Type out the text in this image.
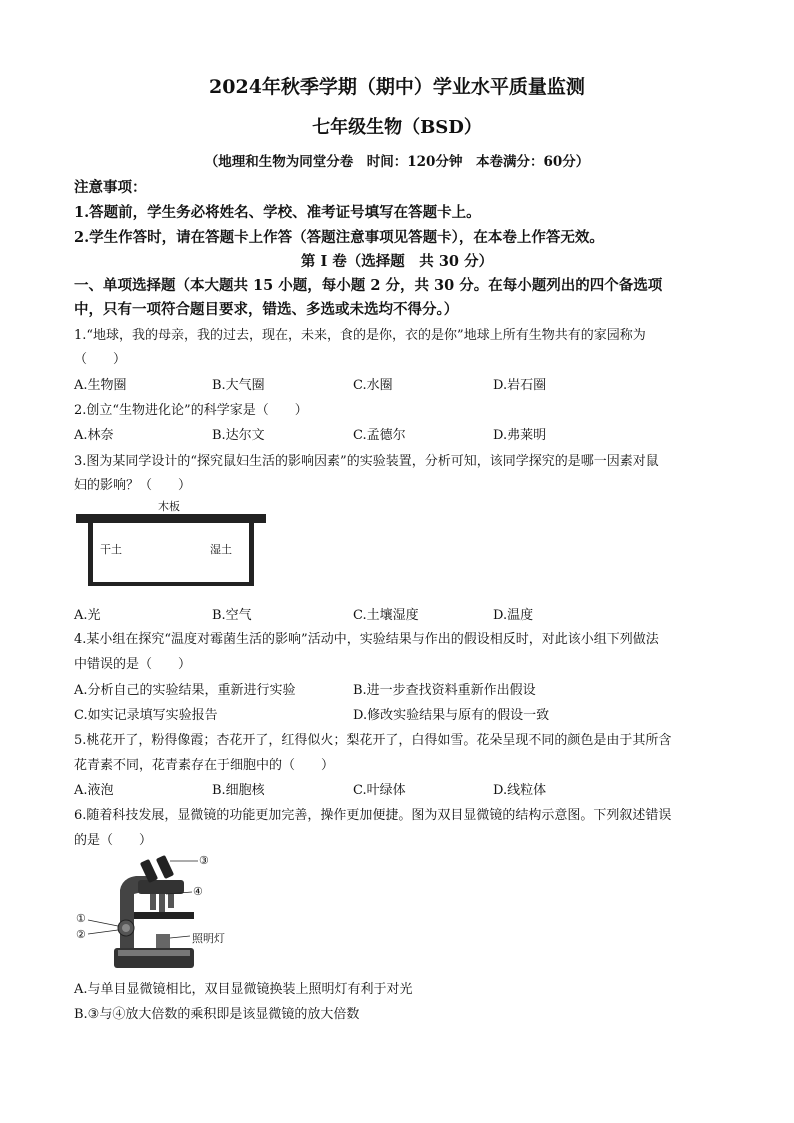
2024年秋季学期（期中）学业水平质量监测
七年级生物（BSD）
（地理和生物为同堂分卷　时间：120分钟　本卷满分：60分）
注意事项：
1.答题前，学生务必将姓名、学校、准考证号填写在答题卡上。
2.学生作答时，请在答题卡上作答（答题注意事项见答题卡），在本卷上作答无效。
第 Ⅰ 卷（选择题　共 30 分）
一、单项选择题（本大题共 15 小题，每小题 2 分，共 30 分。在每小题列出的四个备选项
中，只有一项符合题目要求，错选、多选或未选均不得分。）
1.“地球，我的母亲，我的过去，现在，未来，食的是你，衣的是你”地球上所有生物共有的家园称为
（　　）
A.生物圈	B.大气圈	C.水圈	D.岩石圈
2.创立“生物进化论”的科学家是（　　）
A.林奈	B.达尔文	C.孟德尔	D.弗莱明
3.图为某同学设计的“探究鼠妇生活的影响因素”的实验装置，分析可知，该同学探究的是哪一因素对鼠
妇的影响？（　　）
木板
干土	湿土
A.光	B.空气	C.土壤湿度	D.温度
4.某小组在探究“温度对霉菌生活的影响”活动中，实验结果与作出的假设相反时，对此该小组下列做法
中错误的是（　　）
A.分析自己的实验结果，重新进行实验	B.进一步查找资料重新作出假设
C.如实记录填写实验报告	D.修改实验结果与原有的假设一致
5.桃花开了，粉得像霞；杏花开了，红得似火；梨花开了，白得如雪。花朵呈现不同的颜色是由于其所含
花青素不同，花青素存在于细胞中的（　　）
A.液泡	B.细胞核	C.叶绿体	D.线粒体
6.随着科技发展，显微镜的功能更加完善，操作更加便捷。图为双目显微镜的结构示意图。下列叙述错误
的是（　　）
③
④
①
②	照明灯
A.与单目显微镜相比，双目显微镜换装上照明灯有利于对光
B.③与④放大倍数的乘积即是该显微镜的放大倍数
